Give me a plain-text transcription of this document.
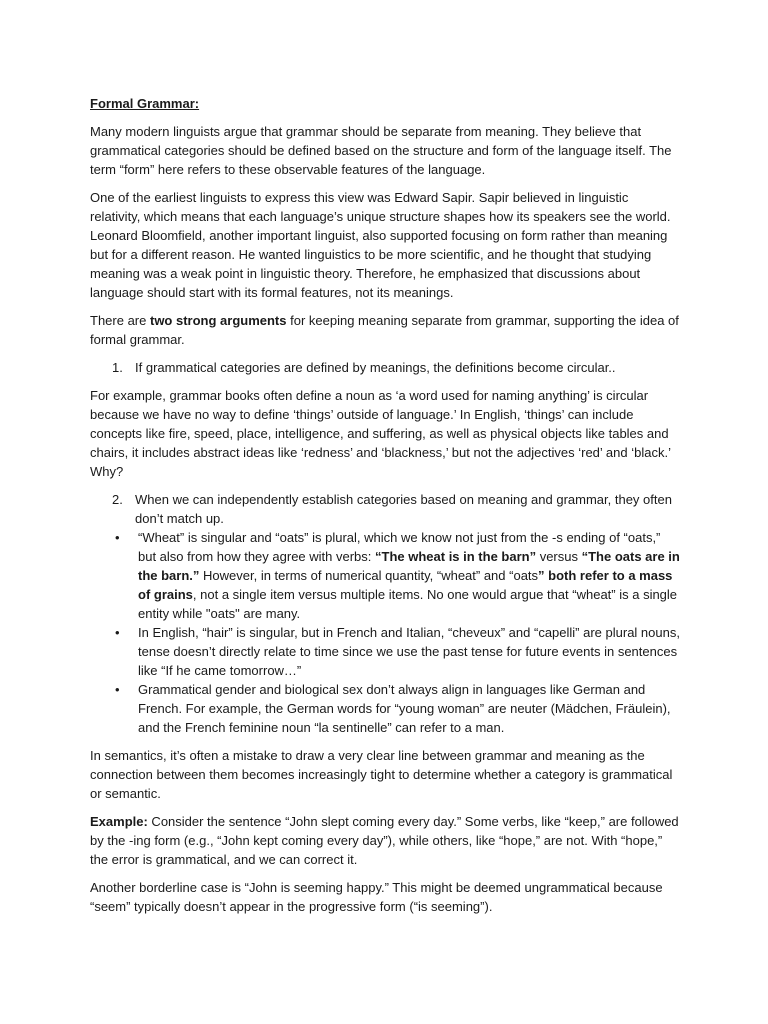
Formal Grammar:

Many modern linguists argue that grammar should be separate from meaning. They believe that grammatical categories should be defined based on the structure and form of the language itself. The term “form” here refers to these observable features of the language.

One of the earliest linguists to express this view was Edward Sapir. Sapir believed in linguistic relativity, which means that each language’s unique structure shapes how its speakers see the world. Leonard Bloomfield, another important linguist, also supported focusing on form rather than meaning but for a different reason. He wanted linguistics to be more scientific, and he thought that studying meaning was a weak point in linguistic theory. Therefore, he emphasized that discussions about language should start with its formal features, not its meanings.

There are two strong arguments for keeping meaning separate from grammar, supporting the idea of formal grammar.

1. If grammatical categories are defined by meanings, the definitions become circular..

For example, grammar books often define a noun as ‘a word used for naming anything’ is circular because we have no way to define ‘things’ outside of language.’ In English, ‘things’ can include concepts like fire, speed, place, intelligence, and suffering, as well as physical objects like tables and chairs, it includes abstract ideas like ‘redness’ and ‘blackness,’ but not the adjectives ‘red’ and ‘black.’ Why?

2. When we can independently establish categories based on meaning and grammar, they often don’t match up.
•	“Wheat” is singular and “oats” is plural, which we know not just from the -s ending of “oats,” but also from how they agree with verbs: “The wheat is in the barn” versus “The oats are in the barn.” However, in terms of numerical quantity, “wheat” and “oats” both refer to a mass of grains, not a single item versus multiple items. No one would argue that “wheat” is a single entity while "oats" are many.
•	In English, “hair” is singular, but in French and Italian, “cheveux” and “capelli” are plural nouns, tense doesn’t directly relate to time since we use the past tense for future events in sentences like “If he came tomorrow…”
•	Grammatical gender and biological sex don’t always align in languages like German and French. For example, the German words for “young woman” are neuter (Mädchen, Fräulein), and the French feminine noun “la sentinelle” can refer to a man.

In semantics, it’s often a mistake to draw a very clear line between grammar and meaning as the connection between them becomes increasingly tight to determine whether a category is grammatical or semantic.

Example: Consider the sentence “John slept coming every day.” Some verbs, like “keep,” are followed by the -ing form (e.g., “John kept coming every day”), while others, like “hope,” are not. With “hope,” the error is grammatical, and we can correct it.

Another borderline case is “John is seeming happy.” This might be deemed ungrammatical because “seem” typically doesn’t appear in the progressive form (“is seeming”).
